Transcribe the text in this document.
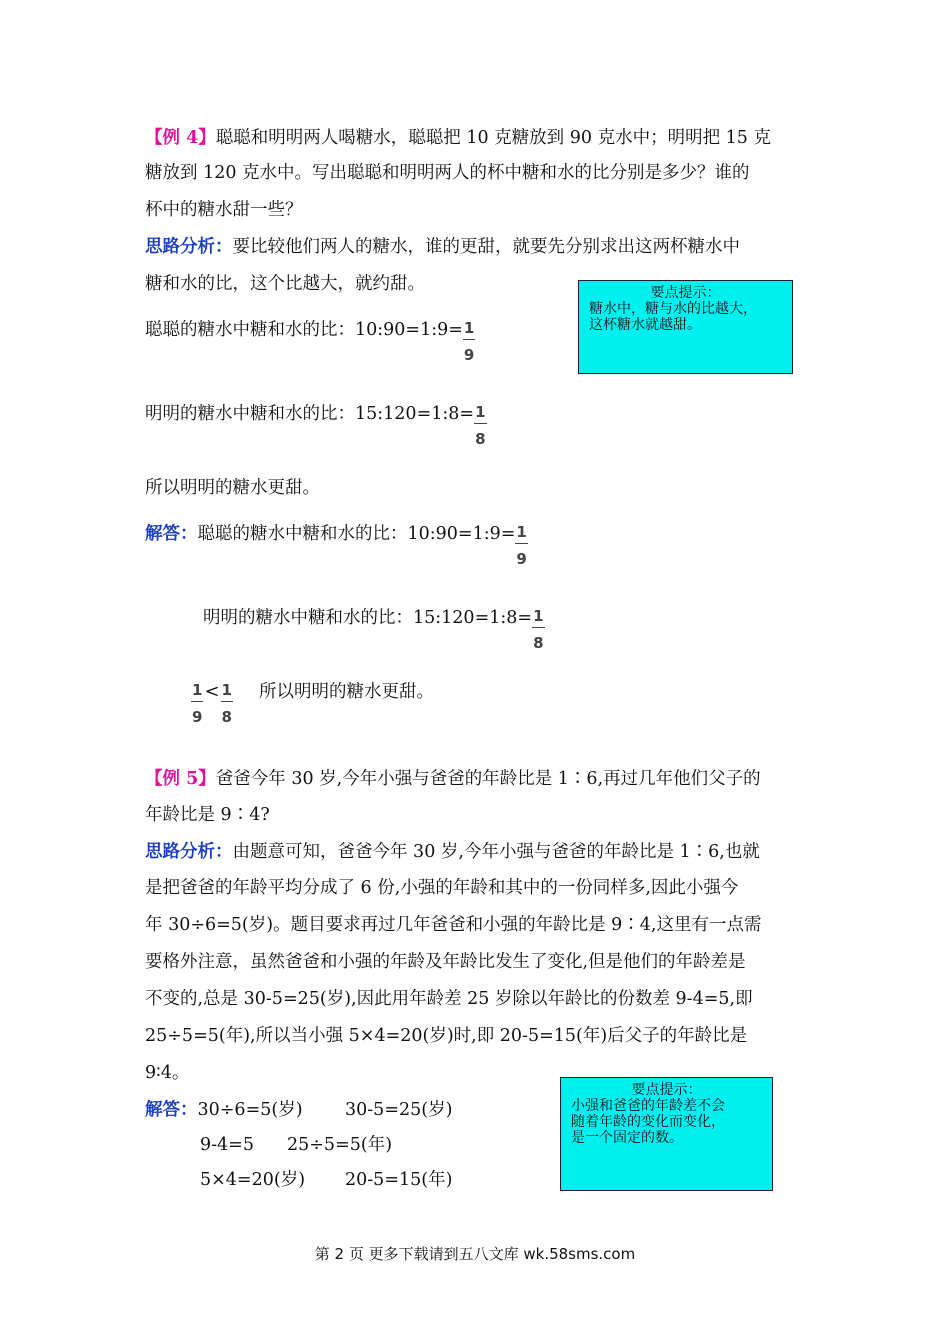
【例 4】聪聪和明明两人喝糖水，聪聪把 10 克糖放到 90 克水中；明明把 15 克
糖放到 120 克水中。写出聪聪和明明两人的杯中糖和水的比分别是多少？谁的
杯中的糖水甜一些？
思路分析：要比较他们两人的糖水，谁的更甜，就要先分别求出这两杯糖水中
糖和水的比，这个比越大，就约甜。
聪聪的糖水中糖和水的比：10:90=1:9= $\frac{1}{9}$
明明的糖水中糖和水的比：15:120=1:8= $\frac{1}{8}$
所以明明的糖水更甜。
解答：聪聪的糖水中糖和水的比：10:90=1:9= $\frac{1}{9}$
明明的糖水中糖和水的比：15:120=1:8= $\frac{1}{8}$
$\frac{1}{9} < \frac{1}{8}$ 所以明明的糖水更甜。
要点提示：
糖水中，糖与水的比越大，
这杯糖水就越甜。
【例 5】爸爸今年 30 岁,今年小强与爸爸的年龄比是 1∶6,再过几年他们父子的
年龄比是 9∶4?
思路分析：由题意可知，爸爸今年 30 岁,今年小强与爸爸的年龄比是 1∶6,也就
是把爸爸的年龄平均分成了 6 份,小强的年龄和其中的一份同样多,因此小强今
年 30÷6=5(岁)。题目要求再过几年爸爸和小强的年龄比是 9∶4,这里有一点需
要格外注意，虽然爸爸和小强的年龄及年龄比发生了变化,但是他们的年龄差是
不变的,总是 30-5=25(岁),因此用年龄差 25 岁除以年龄比的份数差 9-4=5,即
25÷5=5(年),所以当小强 5×4=20(岁)时,即 20-5=15(年)后父子的年龄比是
9∶4。
解答：30÷6=5(岁) 30-5=25(岁)
9-4=5 25÷5=5(年)
5×4=20(岁) 20-5=15(年)
要点提示：
小强和爸爸的年龄差不会
随着年龄的变化而变化，
是一个固定的数。
第 2 页 更多下载请到五八文库 wk.58sms.com
